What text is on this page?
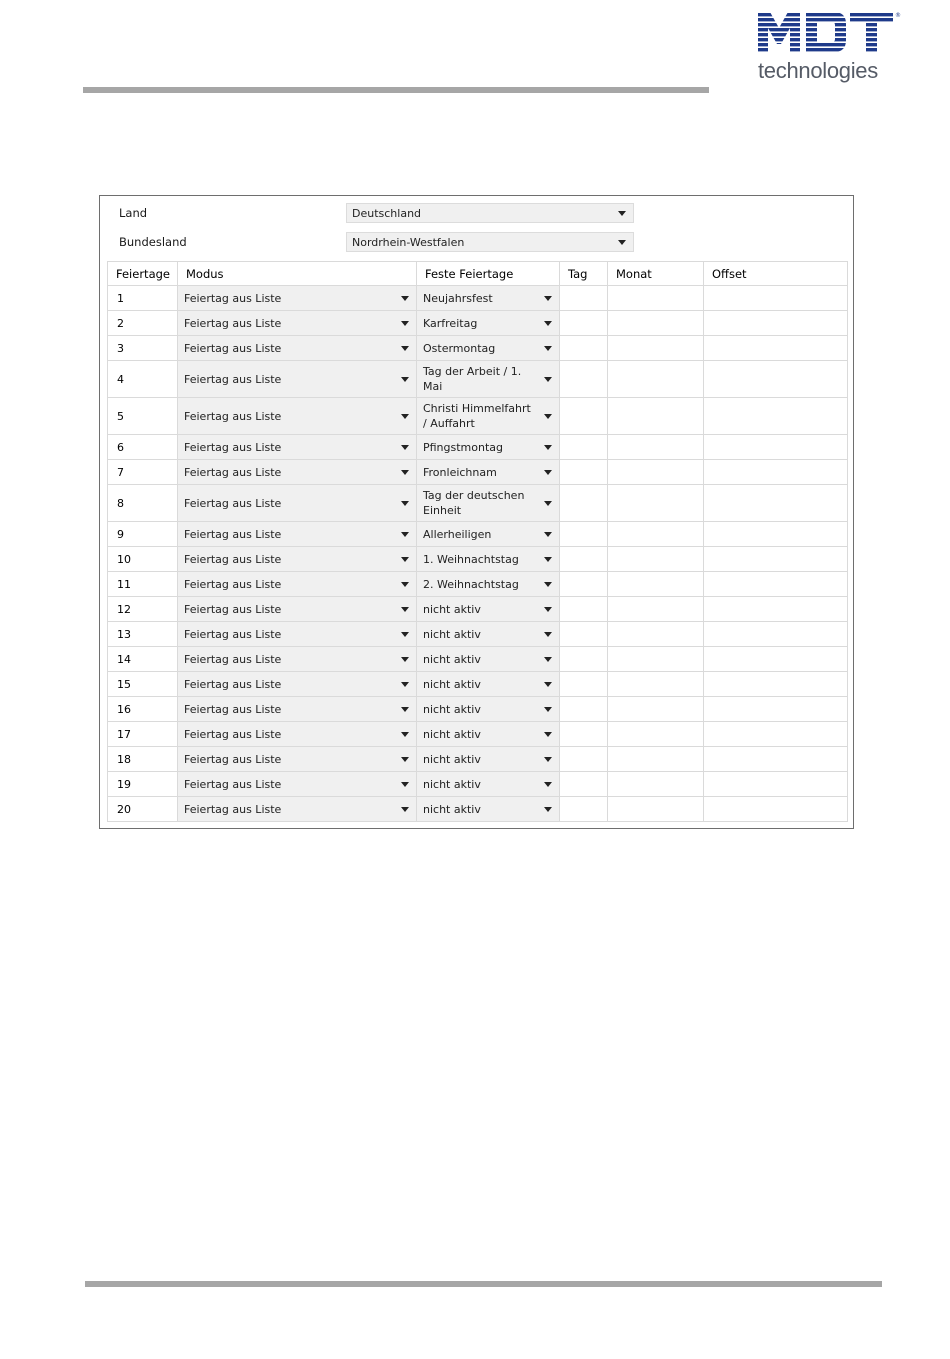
®
technologies
Land	Deutschland
Bundesland	Nordrhein-Westfalen
Feiertage	Modus	Feste Feiertage	Tag	Monat	Offset
1	Feiertag aus Liste	Neujahrsfest			

2	Feiertag aus Liste	Karfreitag			

3	Feiertag aus Liste	Ostermontag			

4	Feiertag aus Liste	Tag der Arbeit / 1. Mai			

5	Feiertag aus Liste	Christi Himmelfahrt / Auffahrt			

6	Feiertag aus Liste	Pfingstmontag			

7	Feiertag aus Liste	Fronleichnam			

8	Feiertag aus Liste	Tag der deutschen Einheit			

9	Feiertag aus Liste	Allerheiligen			

10	Feiertag aus Liste	1. Weihnachtstag			

11	Feiertag aus Liste	2. Weihnachtstag			

12	Feiertag aus Liste	nicht aktiv			

13	Feiertag aus Liste	nicht aktiv			

14	Feiertag aus Liste	nicht aktiv			

15	Feiertag aus Liste	nicht aktiv			

16	Feiertag aus Liste	nicht aktiv			

17	Feiertag aus Liste	nicht aktiv			

18	Feiertag aus Liste	nicht aktiv			

19	Feiertag aus Liste	nicht aktiv			

20	Feiertag aus Liste	nicht aktiv			
